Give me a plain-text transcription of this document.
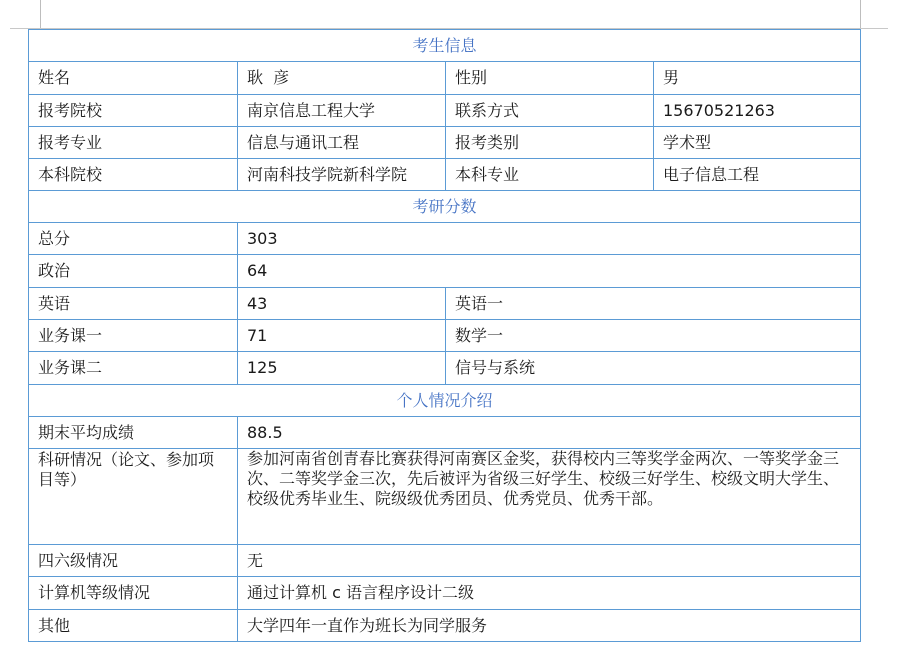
考生信息			
姓名	耿  彦	性别	男
报考院校	南京信息工程大学	联系方式	15670521263
报考专业	信息与通讯工程	报考类别	学术型
本科院校	河南科技学院新科学院	本科专业	电子信息工程
考研分数			
总分	303		
政治	64		
英语	43	英语一	
业务课一	71	数学一	
业务课二	125	信号与系统	
个人情况介绍			
期末平均成绩	88.5		
科研情况（论文、参加项目等）	参加河南省创青春比赛获得河南赛区金奖，获得校内三等奖学金两次、一等奖学金三次、二等奖学金三次，先后被评为省级三好学生、校级三好学生、校级文明大学生、校级优秀毕业生、院级级优秀团员、优秀党员、优秀干部。		
四六级情况	无		
计算机等级情况	通过计算机 c 语言程序设计二级		
其他	大学四年一直作为班长为同学服务		
